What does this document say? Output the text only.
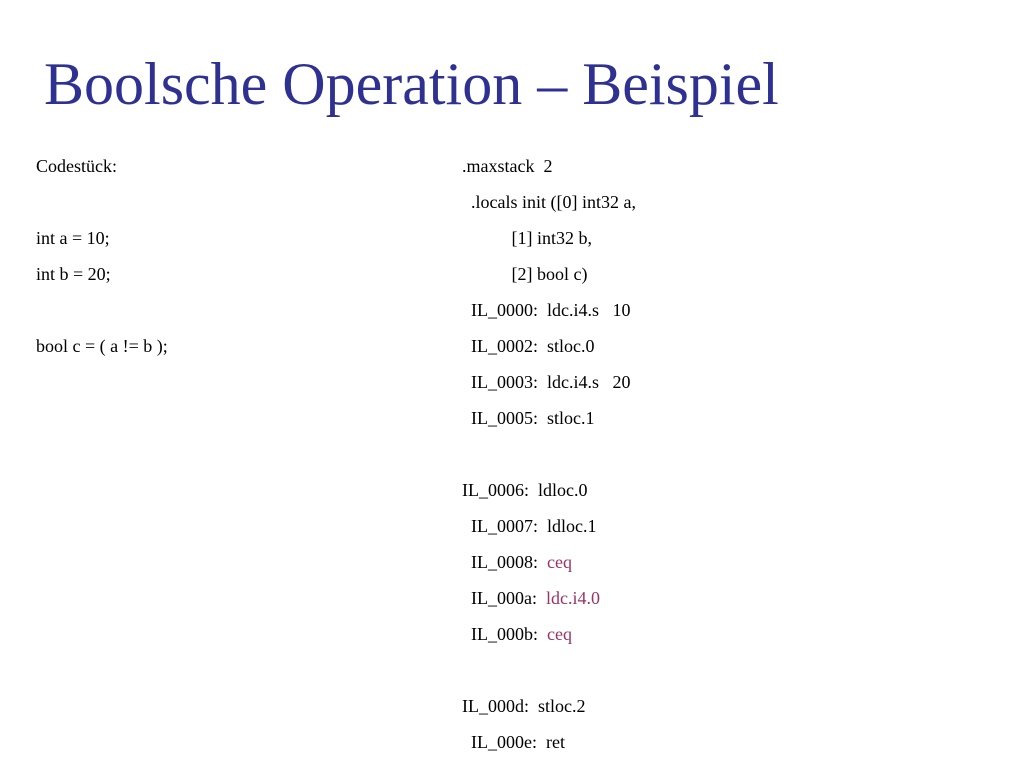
Boolsche Operation – Beispiel
Codestück:
int a = 10;
int b = 20;
bool c = ( a != b );
.maxstack  2
.locals init ([0] int32 a,
[1] int32 b,
[2] bool c)
IL_0000:  ldc.i4.s   10
IL_0002:  stloc.0
IL_0003:  ldc.i4.s   20
IL_0005:  stloc.1
IL_0006:  ldloc.0
IL_0007:  ldloc.1
IL_0008:  ceq
IL_000a:  ldc.i4.0
IL_000b:  ceq
IL_000d:  stloc.2
IL_000e:  ret
